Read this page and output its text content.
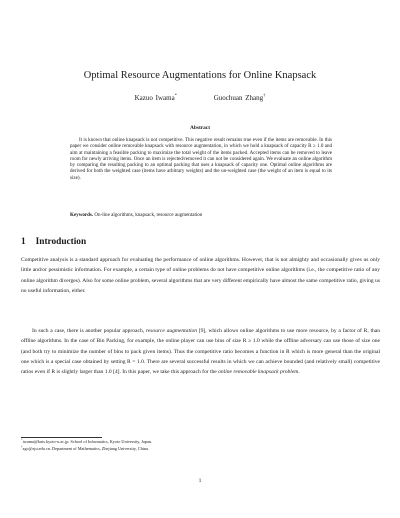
Optimal Resource Augmentations for Online Knapsack
Kazuo Iwama*	Guochuan Zhang†
Abstract

It is known that online knapsack is not competitive. This negative result remains true even if the items are removable. In this paper we consider online removable knapsack with resource augmentation, in which we hold a knapsack of capacity R ≥ 1.0 and aim at maintaining a feasible packing to maximize the total weight of the items packed. Accepted items can be removed to leave room for newly arriving items. Once an item is rejected/removed it can not be considered again. We evaluate an online algorithm by comparing the resulting packing to an optimal packing that uses a knapsack of capacity one. Optimal online algorithms are derived for both the weighted case (items have arbitrary weights) and the un-weighted case (the weight of an item is equal to its size).

Keywords. On-line algorithms, knapsack, resource augmentation

1 Introduction

Competitive analysis is a standard approach for evaluating the performance of online algorithms. However, that is not almighty and occasionally gives us only little and/or pessimistic information. For example, a certain type of online problems do not have competitive online algorithms (i.e., the competitive ratio of any online algorithm diverges). Also for some online problem, several algorithms that are very different empirically have almost the same competitive ratio, giving us no useful information, either.

In such a case, there is another popular approach, resource augmentation [9], which allows online algorithms to use more resource, by a factor of R, than offline algorithms. In the case of Bin Packing, for example, the online player can use bins of size R ≥ 1.0 while the offline adversary can use those of size one (and both try to minimize the number of bins to pack given items). Thus the competitive ratio becomes a function in R which is more general than the original one which is a special case obtained by setting R = 1.0. There are several successful results in which we can achieve bounded (and relatively small) competitive ratios even if R is slightly larger than 1.0 [4]. In this paper, we take this approach for the online removable knapsack problem.

*iwama@kuis.kyoto-u.ac.jp. School of Informatics, Kyoto University, Japan.

†zgc@zju.edu.cn. Department of Mathematics, Zhejiang University, China.

1
